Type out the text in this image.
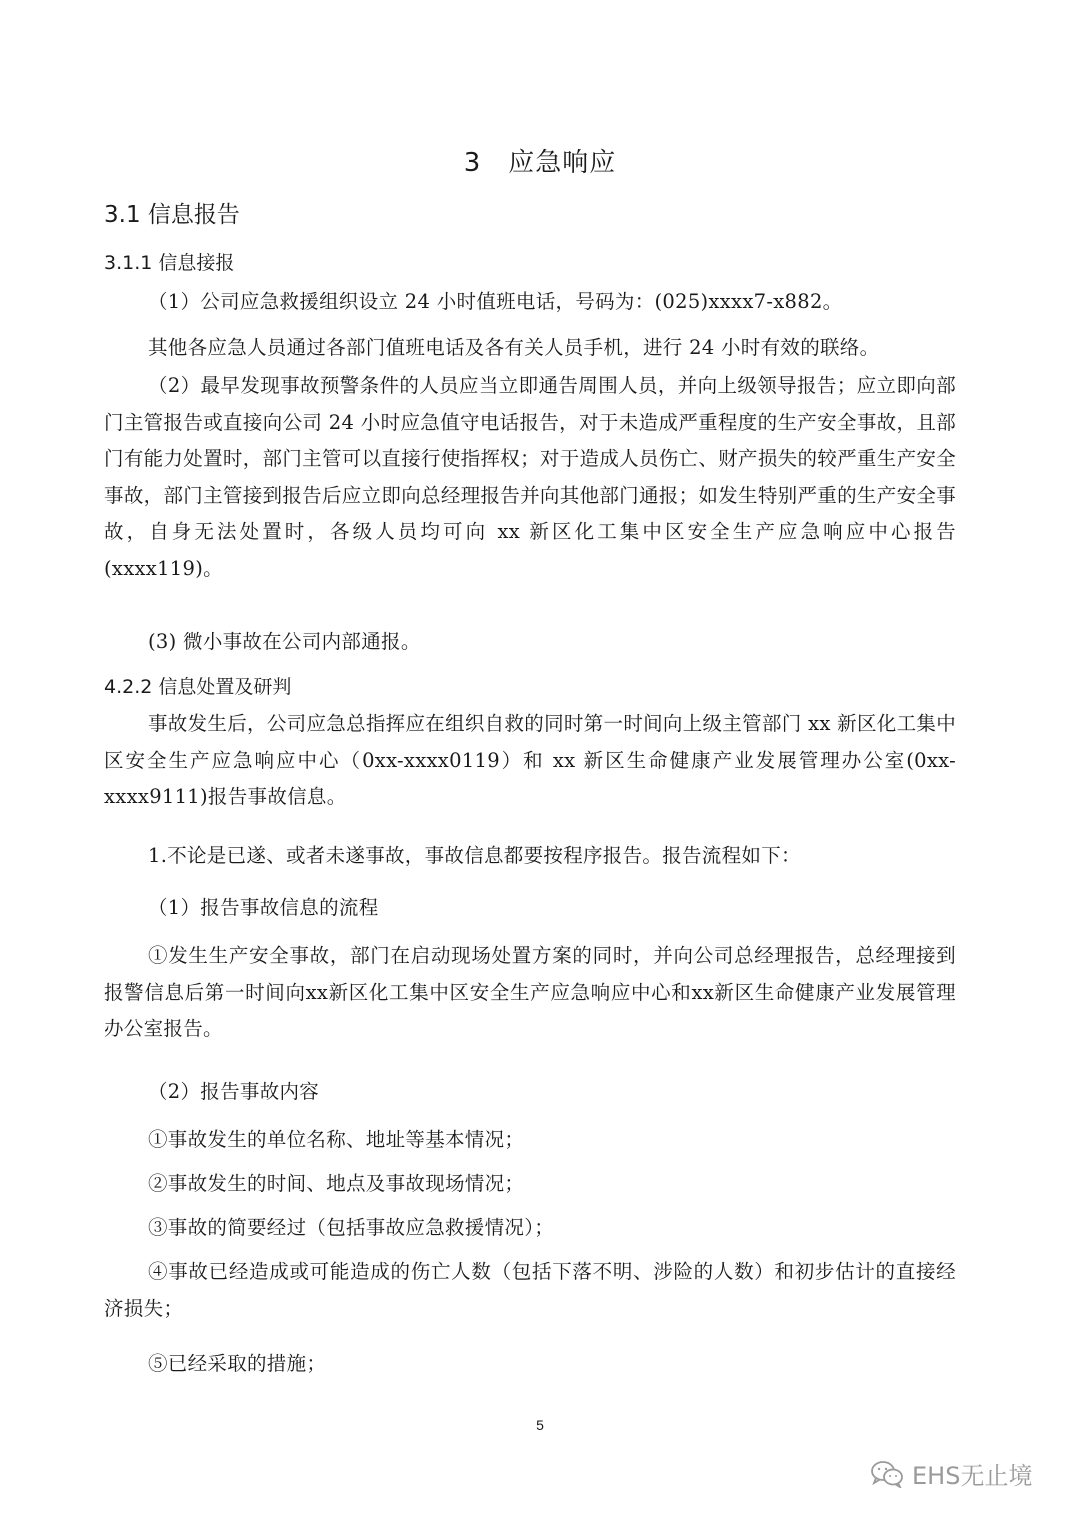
3　应急响应
3.1 信息报告
3.1.1 信息接报

（1）公司应急救援组织设立 24 小时值班电话，号码为：(025)xxxx7-x882。

其他各应急人员通过各部门值班电话及各有关人员手机，进行 24 小时有效的联络。

（2）最早发现事故预警条件的人员应当立即通告周围人员，并向上级领导报告；应立即向部门主管报告或直接向公司 24 小时应急值守电话报告，对于未造成严重程度的生产安全事故，且部门有能力处置时，部门主管可以直接行使指挥权；对于造成人员伤亡、财产损失的较严重生产安全事故，部门主管接到报告后应立即向总经理报告并向其他部门通报；如发生特别严重的生产安全事故，自身无法处置时，各级人员均可向 xx 新区化工集中区安全生产应急响应中心报告(xxxx119)。

(3) 微小事故在公司内部通报。

4.2.2 信息处置及研判

事故发生后，公司应急总指挥应在组织自救的同时第一时间向上级主管部门 xx 新区化工集中区安全生产应急响应中心（0xx-xxxx0119）和 xx 新区生命健康产业发展管理办公室(0xx-xxxx9111)报告事故信息。

1.不论是已遂、或者未遂事故，事故信息都要按程序报告。报告流程如下：

（1）报告事故信息的流程

①发生生产安全事故，部门在启动现场处置方案的同时，并向公司总经理报告，总经理接到报警信息后第一时间向xx新区化工集中区安全生产应急响应中心和xx新区生命健康产业发展管理办公室报告。

（2）报告事故内容

①事故发生的单位名称、地址等基本情况；

②事故发生的时间、地点及事故现场情况；

③事故的简要经过（包括事故应急救援情况）；

④事故已经造成或可能造成的伤亡人数（包括下落不明、涉险的人数）和初步估计的直接经济损失；

⑤已经采取的措施；

5
EHS无止境
